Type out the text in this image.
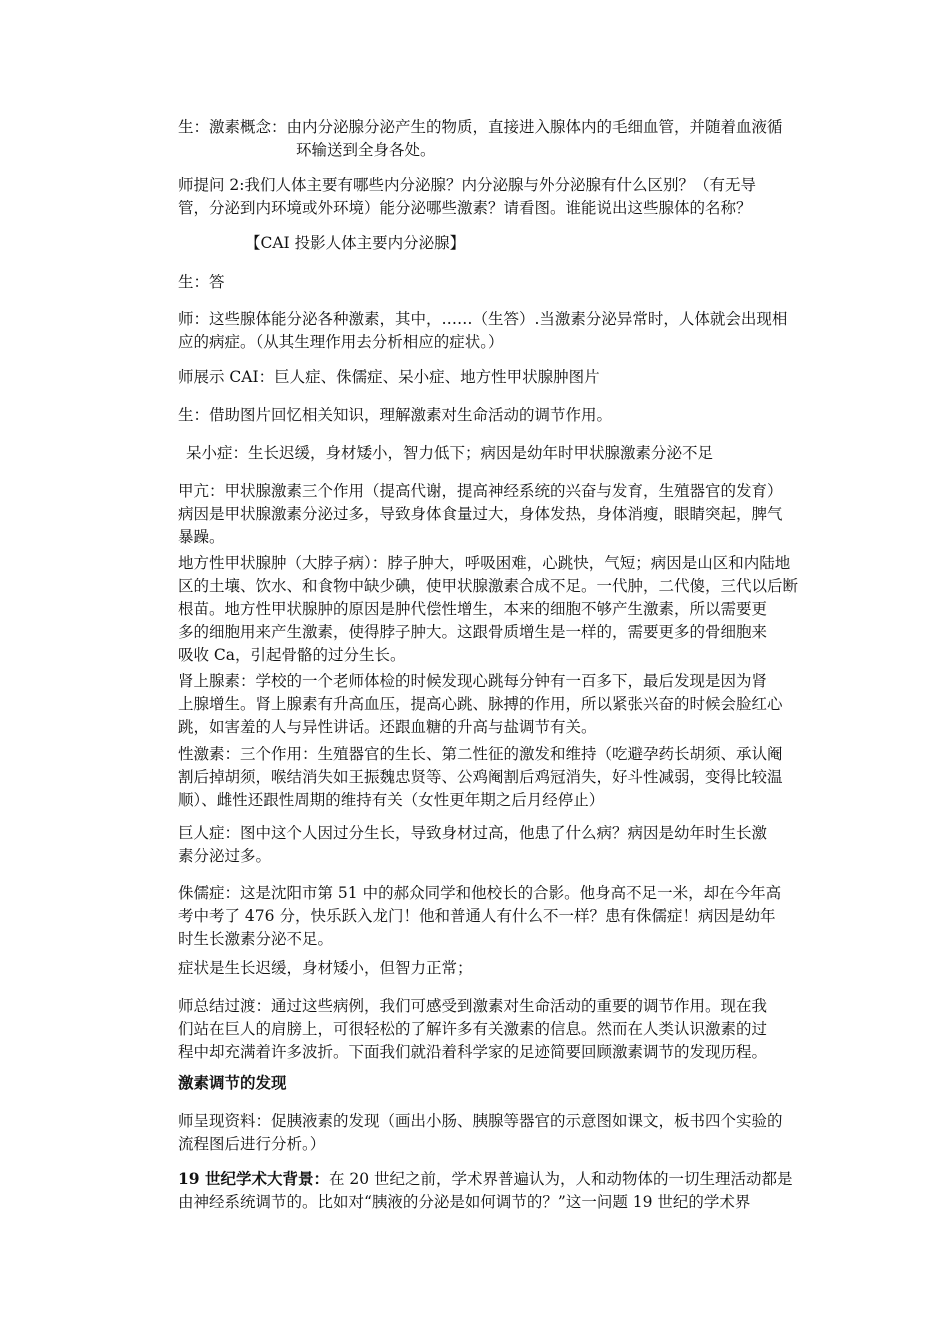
生：激素概念：由内分泌腺分泌产生的物质，直接进入腺体内的毛细血管，并随着血液循
环输送到全身各处。
师提问 2:我们人体主要有哪些内分泌腺？内分泌腺与外分泌腺有什么区别？（有无导
管，分泌到内环境或外环境）能分泌哪些激素？请看图。谁能说出这些腺体的名称？
【CAI 投影人体主要内分泌腺】
生：答
师：这些腺体能分泌各种激素，其中，……（生答）.当激素分泌异常时，人体就会出现相
应的病症。（从其生理作用去分析相应的症状。）
师展示 CAI：巨人症、侏儒症、呆小症、地方性甲状腺肿图片
生：借助图片回忆相关知识，理解激素对生命活动的调节作用。
呆小症：生长迟缓，身材矮小，智力低下；病因是幼年时甲状腺激素分泌不足
甲亢：甲状腺激素三个作用（提高代谢，提高神经系统的兴奋与发育，生殖器官的发育）
病因是甲状腺激素分泌过多，导致身体食量过大，身体发热，身体消瘦，眼睛突起，脾气
暴躁。
地方性甲状腺肿（大脖子病）：脖子肿大，呼吸困难，心跳快，气短；病因是山区和内陆地
区的土壤、饮水、和食物中缺少碘，使甲状腺激素合成不足。一代肿，二代傻，三代以后断
根苗。地方性甲状腺肿的原因是肿代偿性增生，本来的细胞不够产生激素，所以需要更
多的细胞用来产生激素，使得脖子肿大。这跟骨质增生是一样的，需要更多的骨细胞来
吸收 Ca，引起骨骼的过分生长。
肾上腺素：学校的一个老师体检的时候发现心跳每分钟有一百多下，最后发现是因为肾
上腺增生。肾上腺素有升高血压，提高心跳、脉搏的作用，所以紧张兴奋的时候会脸红心
跳，如害羞的人与异性讲话。还跟血糖的升高与盐调节有关。
性激素：三个作用：生殖器官的生长、第二性征的激发和维持（吃避孕药长胡须、承认阉
割后掉胡须，喉结消失如王振魏忠贤等、公鸡阉割后鸡冠消失，好斗性减弱，变得比较温
顺）、雌性还跟性周期的维持有关（女性更年期之后月经停止）
巨人症：图中这个人因过分生长，导致身材过高，他患了什么病？病因是幼年时生长激
素分泌过多。
侏儒症：这是沈阳市第 51 中的郝众同学和他校长的合影。他身高不足一米，却在今年高
考中考了 476 分，快乐跃入龙门！他和普通人有什么不一样？患有侏儒症！病因是幼年
时生长激素分泌不足。
症状是生长迟缓，身材矮小，但智力正常；
师总结过渡：通过这些病例，我们可感受到激素对生命活动的重要的调节作用。现在我
们站在巨人的肩膀上，可很轻松的了解许多有关激素的信息。然而在人类认识激素的过
程中却充满着许多波折。下面我们就沿着科学家的足迹简要回顾激素调节的发现历程。
激素调节的发现
师呈现资料：促胰液素的发现（画出小肠、胰腺等器官的示意图如课文，板书四个实验的
流程图后进行分析。）
19 世纪学术大背景：在 20 世纪之前，学术界普遍认为，人和动物体的一切生理活动都是
由神经系统调节的。比如对“胰液的分泌是如何调节的？”这一问题 19 世纪的学术界
